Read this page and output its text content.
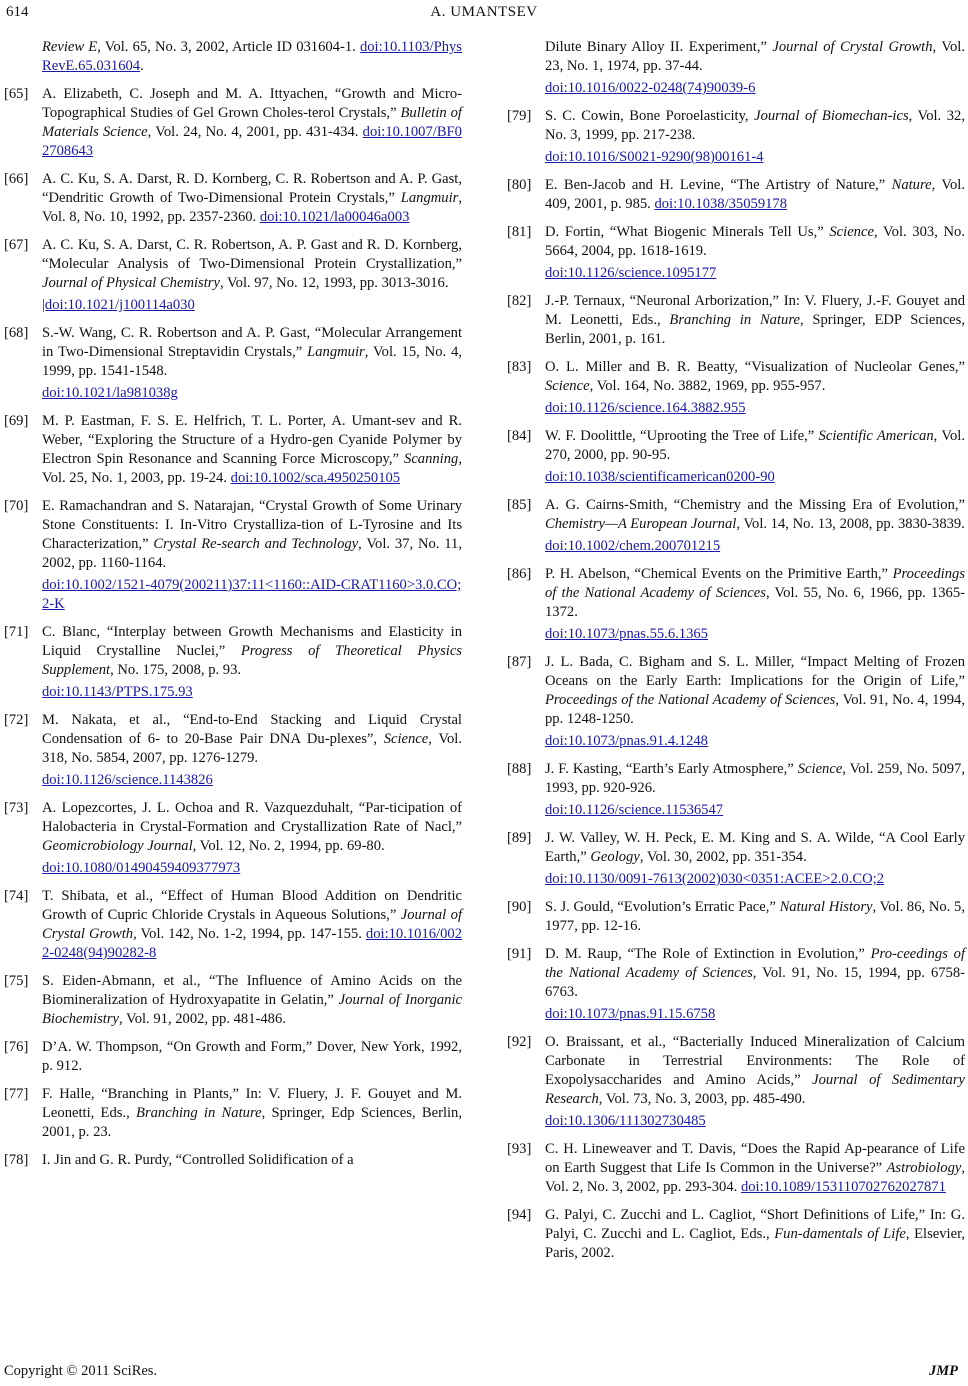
614	A. UMANTSEV
Review E, Vol. 65, No. 3, 2002, Article ID 031604-1. doi:10.1103/PhysRevE.65.031604.
[65] A. Elizabeth, C. Joseph and M. A. Ittyachen, “Growth and Micro-Topographical Studies of Gel Grown Choles-terol Crystals,” Bulletin of Materials Science, Vol. 24, No. 4, 2001, pp. 431-434. doi:10.1007/BF02708643
[66] A. C. Ku, S. A. Darst, R. D. Kornberg, C. R. Robertson and A. P. Gast, “Dendritic Growth of Two-Dimensional Protein Crystals,” Langmuir, Vol. 8, No. 10, 1992, pp. 2357-2360. doi:10.1021/la00046a003
[67] A. C. Ku, S. A. Darst, C. R. Robertson, A. P. Gast and R. D. Kornberg, “Molecular Analysis of Two-Dimensional Protein Crystallization,” Journal of Physical Chemistry, Vol. 97, No. 12, 1993, pp. 3013-3016.
|doi:10.1021/j100114a030
[68] S.-W. Wang, C. R. Robertson and A. P. Gast, “Molecular Arrangement in Two-Dimensional Streptavidin Crystals,” Langmuir, Vol. 15, No. 4, 1999, pp. 1541-1548.
doi:10.1021/la981038g
[69] M. P. Eastman, F. S. E. Helfrich, T. L. Porter, A. Umant-sev and R. Weber, “Exploring the Structure of a Hydro-gen Cyanide Polymer by Electron Spin Resonance and Scanning Force Microscopy,” Scanning, Vol. 25, No. 1, 2003, pp. 19-24. doi:10.1002/sca.4950250105
[70] E. Ramachandran and S. Natarajan, “Crystal Growth of Some Urinary Stone Constituents: I. In-Vitro Crystalliza-tion of L-Tyrosine and Its Characterization,” Crystal Re-search and Technology, Vol. 37, No. 11, 2002, pp. 1160-1164.
doi:10.1002/1521-4079(200211)37:11<1160::AID-CRAT1160>3.0.CO;2-K
[71] C. Blanc, “Interplay between Growth Mechanisms and Elasticity in Liquid Crystalline Nuclei,” Progress of Theoretical Physics Supplement, No. 175, 2008, p. 93.
doi:10.1143/PTPS.175.93
[72] M. Nakata, et al., “End-to-End Stacking and Liquid Crystal Condensation of 6- to 20-Base Pair DNA Du-plexes”, Science, Vol. 318, No. 5854, 2007, pp. 1276-1279.
doi:10.1126/science.1143826
[73] A. Lopezcortes, J. L. Ochoa and R. Vazquezduhalt, “Par-ticipation of Halobacteria in Crystal-Formation and Crystallization Rate of Nacl,” Geomicrobiology Journal, Vol. 12, No. 2, 1994, pp. 69-80.
doi:10.1080/01490459409377973
[74] T. Shibata, et al., “Effect of Human Blood Addition on Dendritic Growth of Cupric Chloride Crystals in Aqueous Solutions,” Journal of Crystal Growth, Vol. 142, No. 1-2, 1994, pp. 147-155. doi:10.1016/0022-0248(94)90282-8
[75] S. Eiden-Abmann, et al., “The Influence of Amino Acids on the Biomineralization of Hydroxyapatite in Gelatin,” Journal of Inorganic Biochemistry, Vol. 91, 2002, pp. 481-486.
[76] D’A. W. Thompson, “On Growth and Form,” Dover, New York, 1992, p. 912.
[77] F. Halle, “Branching in Plants,” In: V. Fluery, J. F. Gouyet and M. Leonetti, Eds., Branching in Nature, Springer, Edp Sciences, Berlin, 2001, p. 23.
[78] I. Jin and G. R. Purdy, “Controlled Solidification of a
Dilute Binary Alloy II. Experiment,” Journal of Crystal Growth, Vol. 23, No. 1, 1974, pp. 37-44.
doi:10.1016/0022-0248(74)90039-6
[79] S. C. Cowin, Bone Poroelasticity, Journal of Biomechan-ics, Vol. 32, No. 3, 1999, pp. 217-238.
doi:10.1016/S0021-9290(98)00161-4
[80] E. Ben-Jacob and H. Levine, “The Artistry of Nature,” Nature, Vol. 409, 2001, p. 985. doi:10.1038/35059178
[81] D. Fortin, “What Biogenic Minerals Tell Us,” Science, Vol. 303, No. 5664, 2004, pp. 1618-1619.
doi:10.1126/science.1095177
[82] J.-P. Ternaux, “Neuronal Arborization,” In: V. Fluery, J.-F. Gouyet and M. Leonetti, Eds., Branching in Nature, Springer, EDP Sciences, Berlin, 2001, p. 161.
[83] O. L. Miller and B. R. Beatty, “Visualization of Nucleolar Genes,” Science, Vol. 164, No. 3882, 1969, pp. 955-957.
doi:10.1126/science.164.3882.955
[84] W. F. Doolittle, “Uprooting the Tree of Life,” Scientific American, Vol. 270, 2000, pp. 90-95.
doi:10.1038/scientificamerican0200-90
[85] A. G. Cairns-Smith, “Chemistry and the Missing Era of Evolution,” Chemistry—A European Journal, Vol. 14, No. 13, 2008, pp. 3830-3839.
doi:10.1002/chem.200701215
[86] P. H. Abelson, “Chemical Events on the Primitive Earth,” Proceedings of the National Academy of Sciences, Vol. 55, No. 6, 1966, pp. 1365-1372.
doi:10.1073/pnas.55.6.1365
[87] J. L. Bada, C. Bigham and S. L. Miller, “Impact Melting of Frozen Oceans on the Early Earth: Implications for the Origin of Life,” Proceedings of the National Academy of Sciences, Vol. 91, No. 4, 1994, pp. 1248-1250.
doi:10.1073/pnas.91.4.1248
[88] J. F. Kasting, “Earth’s Early Atmosphere,” Science, Vol. 259, No. 5097, 1993, pp. 920-926.
doi:10.1126/science.11536547
[89] J. W. Valley, W. H. Peck, E. M. King and S. A. Wilde, “A Cool Early Earth,” Geology, Vol. 30, 2002, pp. 351-354.
doi:10.1130/0091-7613(2002)030<0351:ACEE>2.0.CO;2
[90] S. J. Gould, “Evolution’s Erratic Pace,” Natural History, Vol. 86, No. 5, 1977, pp. 12-16.
[91] D. M. Raup, “The Role of Extinction in Evolution,” Pro-ceedings of the National Academy of Sciences, Vol. 91, No. 15, 1994, pp. 6758-6763.
doi:10.1073/pnas.91.15.6758
[92] O. Braissant, et al., “Bacterially Induced Mineralization of Calcium Carbonate in Terrestrial Environments: The Role of Exopolysaccharides and Amino Acids,” Journal of Sedimentary Research, Vol. 73, No. 3, 2003, pp. 485-490.
doi:10.1306/111302730485
[93] C. H. Lineweaver and T. Davis, “Does the Rapid Ap-pearance of Life on Earth Suggest that Life Is Common in the Universe?” Astrobiology, Vol. 2, No. 3, 2002, pp. 293-304. doi:10.1089/153110702762027871
[94] G. Palyi, C. Zucchi and L. Cagliot, “Short Definitions of Life,” In: G. Palyi, C. Zucchi and L. Cagliot, Eds., Fun-damentals of Life, Elsevier, Paris, 2002.
Copyright © 2011 SciRes.	JMP
